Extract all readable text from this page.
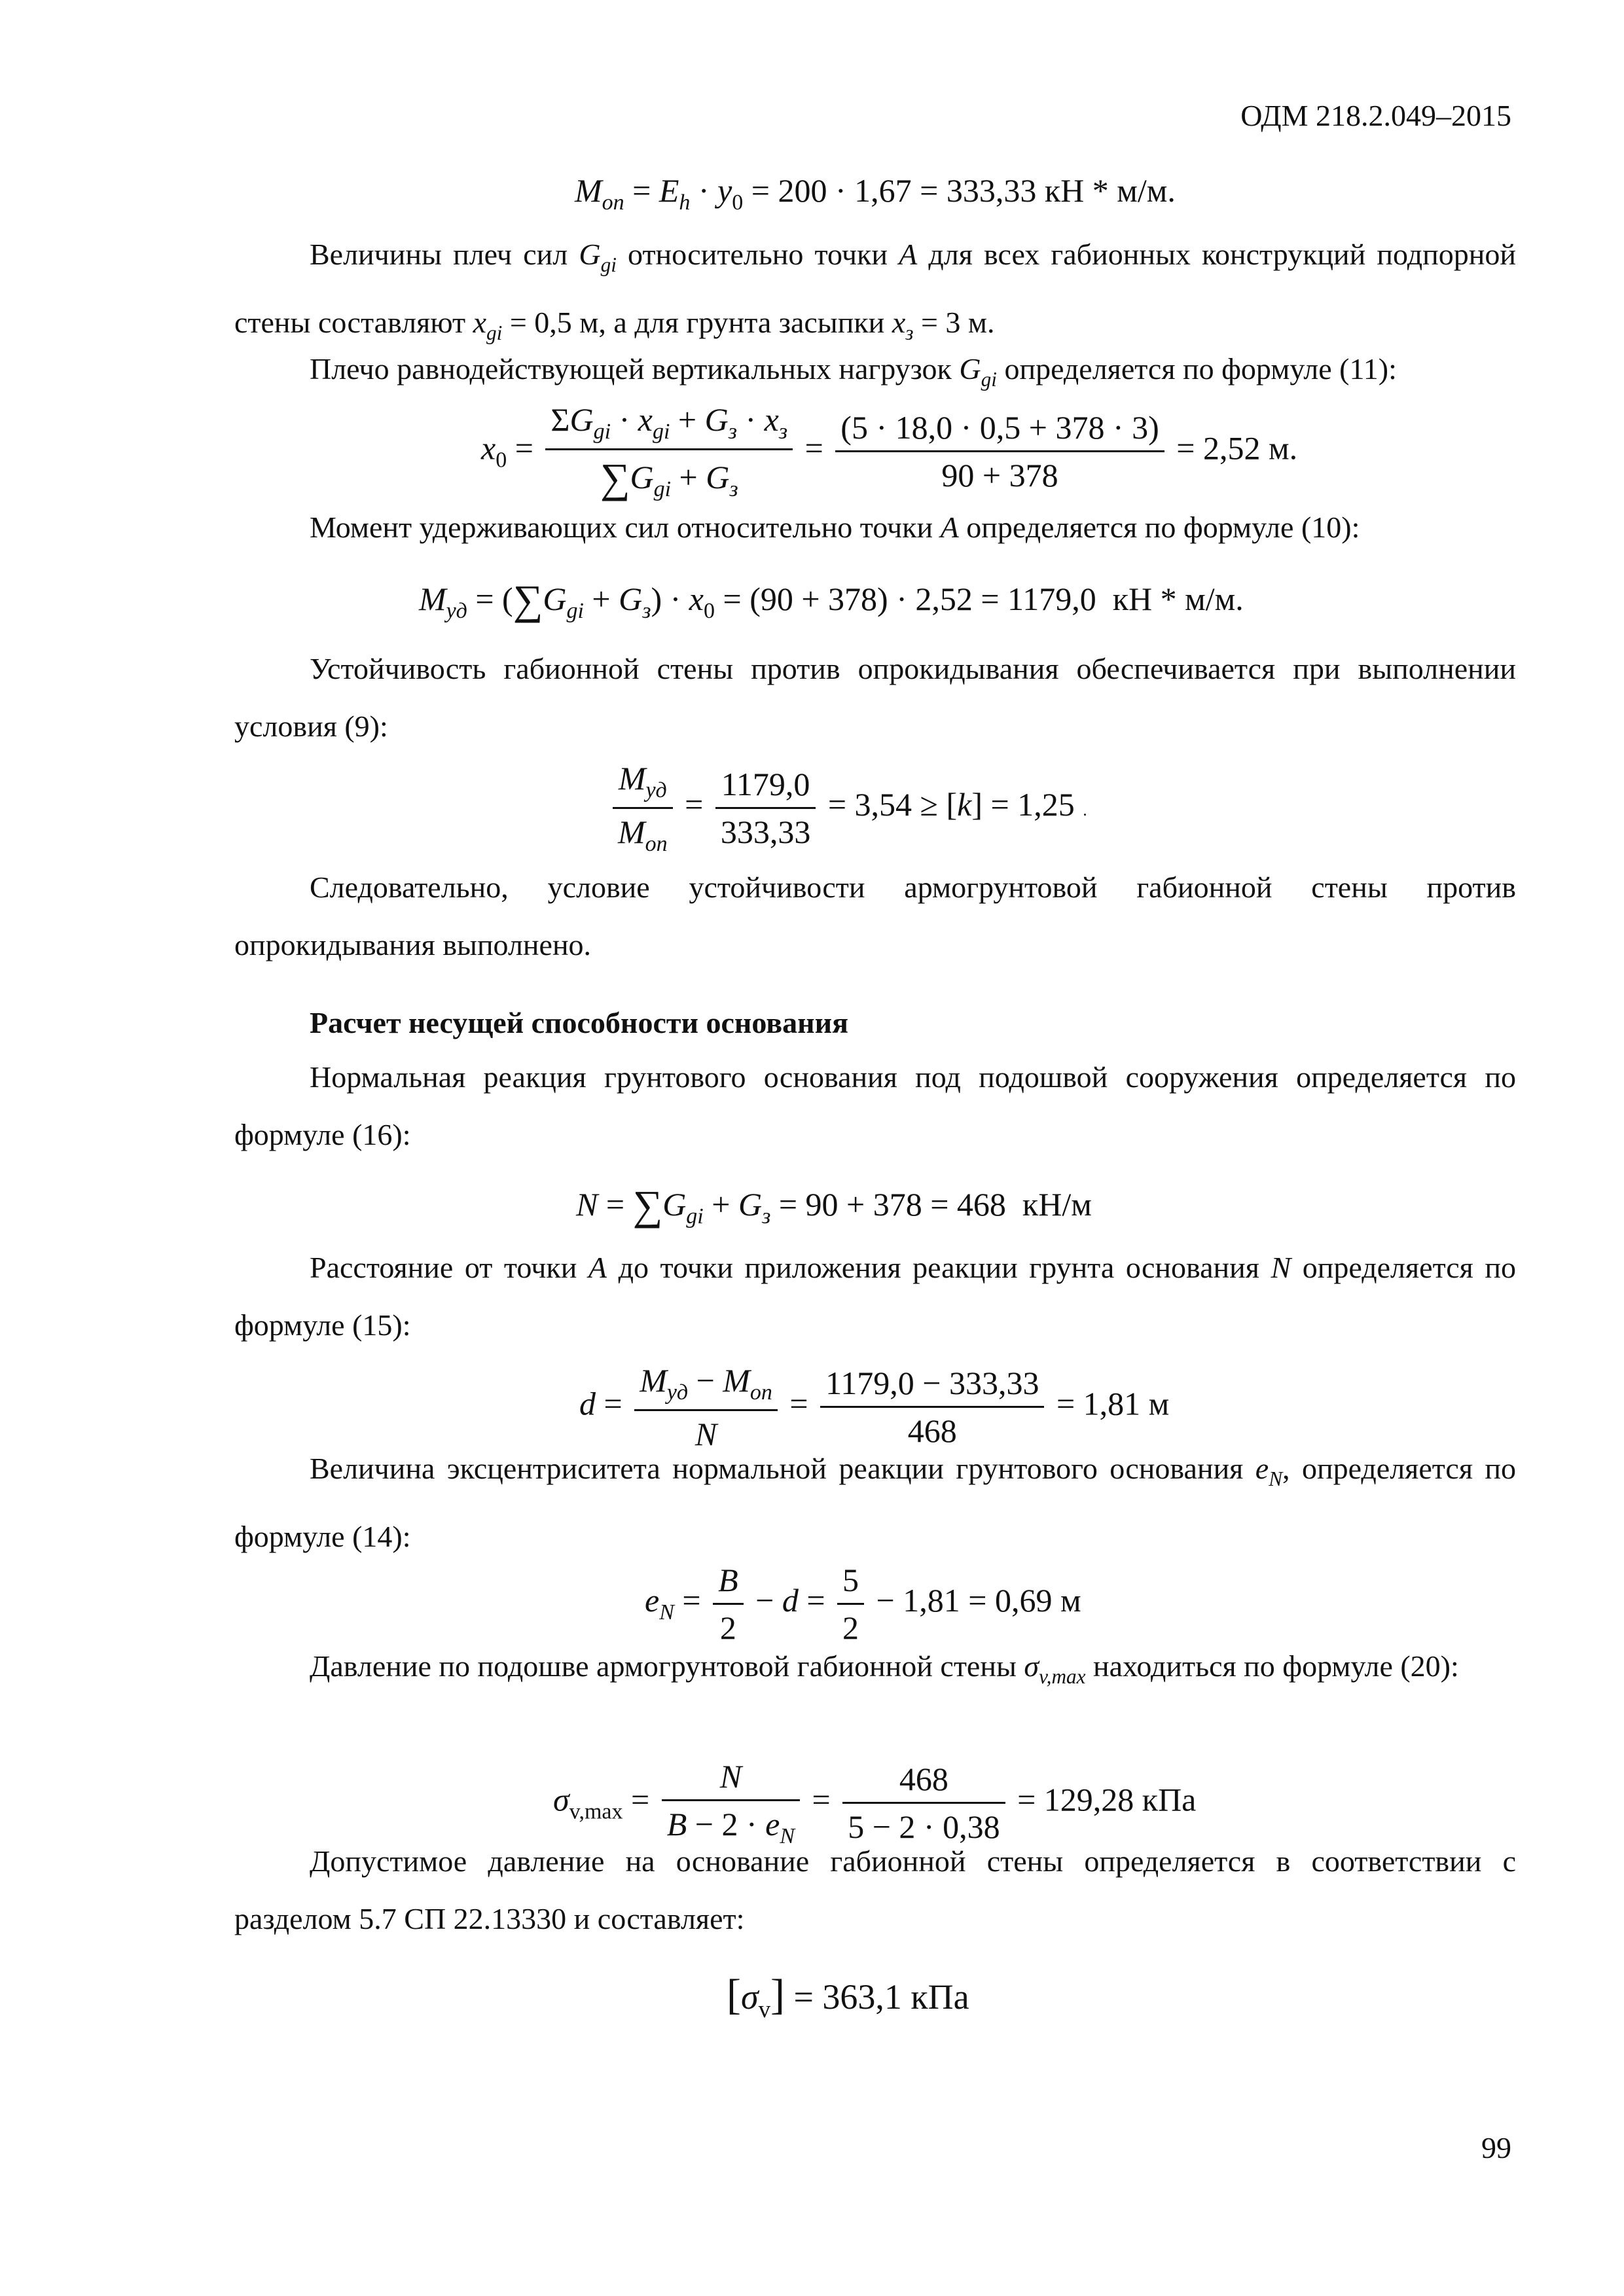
ОДМ 218.2.049–2015
$M_{оп} = E_h \cdot y_0 = 200 \cdot 1,67 = 333,33$ кН * м/м.
Величины плеч сил $G_{gi}$ относительно точки A для всех габионных конструкций подпорной стены составляют $x_{gi} = 0,5$ м, а для грунта засыпки $x_з = 3$ м.
Плечо равнодействующей вертикальных нагрузок $G_{gi}$ определяется по формуле (11):
$x_0 = \frac{\Sigma G_{gi} \cdot x_{gi} + G_з \cdot x_з}{\sum G_{gi} + G_з} = \frac{(5 \cdot 18,0 \cdot 0,5 + 378 \cdot 3)}{90 + 378} = 2,52$ м.
Момент удерживающих сил относительно точки A определяется по формуле (10):
$M_{уд} = (\sum G_{gi} + G_з) \cdot x_0 = (90 + 378) \cdot 2,52 = 1179,0$  кН * м/м.
Устойчивость габионной стены против опрокидывания обеспечивается при выполнении условия (9):
$\frac{M_{уд}}{M_{оп}} = \frac{1179,0}{333,33} = 3,54 \ge [k] = 1,25$ .
Следовательно, условие устойчивости армогрунтовой габионной стены против опрокидывания выполнено.
Расчет несущей способности основания
Нормальная реакция грунтового основания под подошвой сооружения определяется по формуле (16):
$N = \sum G_{gi} + G_з = 90 + 378 = 468$  кН/м
Расстояние от точки A до точки приложения реакции грунта основания N определяется по формуле (15):
$d = \frac{M_{уд} - M_{оп}}{N} = \frac{1179,0 - 333,33}{468} = 1,81$ м
Величина эксцентриситета нормальной реакции грунтового основания $e_N$, определяется по формуле (14):
$e_N = \frac{B}{2} - d = \frac{5}{2} - 1,81 = 0,69$ м
Давление по подошве армогрунтовой габионной стены $\sigma_{v,max}$ находиться по формуле (20):
$\sigma_{v,max} = \frac{N}{B - 2 \cdot e_N} = \frac{468}{5 - 2 \cdot 0,38} = 129,28$ кПа
Допустимое давление на основание габионной стены определяется в соответствии с разделом 5.7 СП 22.13330 и составляет:
$[\sigma_v] = 363,1$ кПа
99
